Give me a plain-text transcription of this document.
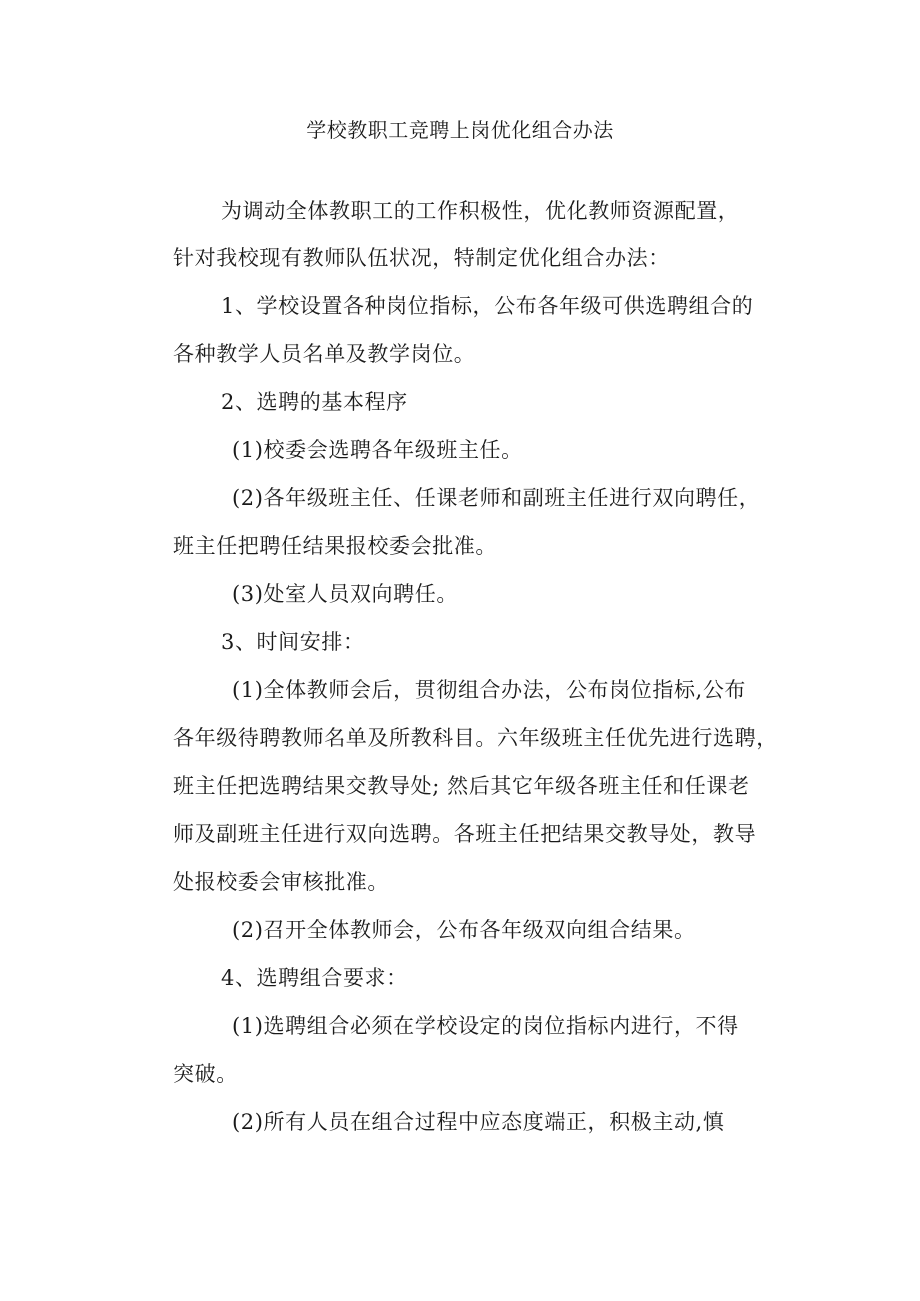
学校教职工竞聘上岗优化组合办法
为调动全体教职工的工作积极性，优化教师资源配置，
针对我校现有教师队伍状况，特制定优化组合办法：
1、学校设置各种岗位指标，公布各年级可供选聘组合的
各种教学人员名单及教学岗位。
2、选聘的基本程序
(1)校委会选聘各年级班主任。
(2)各年级班主任、任课老师和副班主任进行双向聘任，
班主任把聘任结果报校委会批准。
(3)处室人员双向聘任。
3、时间安排：
(1)全体教师会后，贯彻组合办法，公布岗位指标,公布
各年级待聘教师名单及所教科目。六年级班主任优先进行选聘，
班主任把选聘结果交教导处; 然后其它年级各班主任和任课老
师及副班主任进行双向选聘。各班主任把结果交教导处，教导
处报校委会审核批准。
(2)召开全体教师会，公布各年级双向组合结果。
4、选聘组合要求：
(1)选聘组合必须在学校设定的岗位指标内进行，不得
突破。
(2)所有人员在组合过程中应态度端正，积极主动,慎
